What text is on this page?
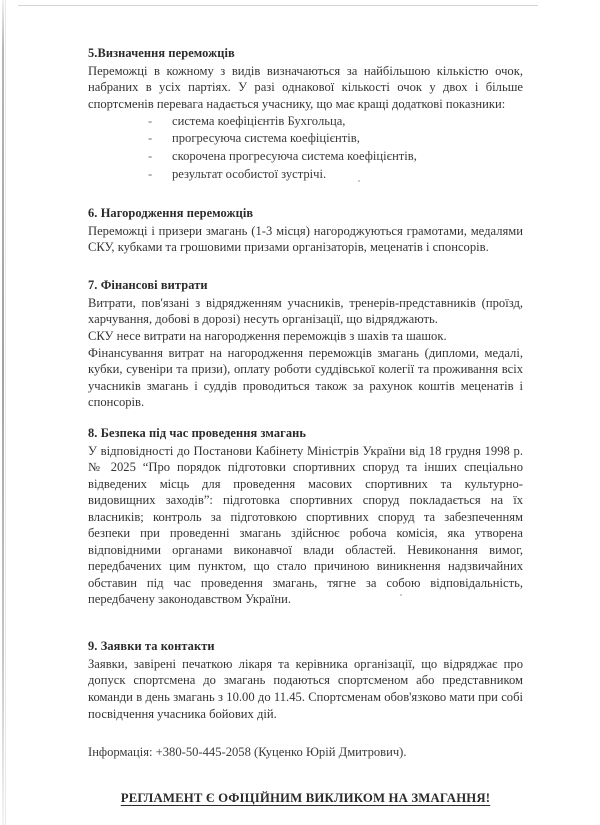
5.Визначення переможців

Переможці в кожному з видів визначаються за найбільшою кількістю очок, набраних в усіх партіях. У разі однакової кількості очок у двох і більше спортсменів перевага надається учаснику, що має кращі додаткові показники:

- система коефіцієнтів Бухгольца,
- прогресуюча система коефіцієнтів,
- скорочена прогресуюча система коефіцієнтів,
- результат особистої зустрічі.
6. Нагородження переможців

Переможці і призери змагань (1-3 місця) нагороджуються грамотами, медалями СКУ, кубками та грошовими призами організаторів, меценатів і спонсорів.

7. Фінансові витрати

Витрати, пов'язані з відрядженням учасників, тренерів-представників (проїзд, харчування, добові в дорозі) несуть організації, що відряджають.

СКУ несе витрати на нагородження переможців з шахів та шашок.

Фінансування витрат на нагородження переможців змагань (дипломи, медалі, кубки, сувеніри та призи), оплату роботи суддівської колегії та проживання всіх учасників змагань і суддів проводиться також за рахунок коштів меценатів і спонсорів.

8. Безпека під час проведення змагань

У відповідності до Постанови Кабінету Міністрів України від 18 грудня 1998 р. № 2025 “Про порядок підготовки спортивних споруд та інших спеціально відведених місць для проведення масових спортивних та культурно-видовищних заходів”: підготовка спортивних споруд покладається на їх власників; контроль за підготовкою спортивних споруд та забезпеченням безпеки при проведенні змагань здійснює робоча комісія, яка утворена відповідними органами виконавчої влади областей. Невиконання вимог, передбачених цим пунктом, що стало причиною виникнення надзвичайних обставин під час проведення змагань, тягне за собою відповідальність, передбачену законодавством України.

9. Заявки та контакти

Заявки, завірені печаткою лікаря та керівника організації, що відряджає про допуск спортсмена до змагань подаються спортсменом або представником команди в день змагань з 10.00 до 11.45. Спортсменам обов'язково мати при собі посвідчення учасника бойових дій.

Інформація: +380-50-445-2058 (Куценко Юрій Дмитрович).

РЕГЛАМЕНТ Є ОФІЦІЙНИМ ВИКЛИКОМ НА ЗМАГАННЯ!
